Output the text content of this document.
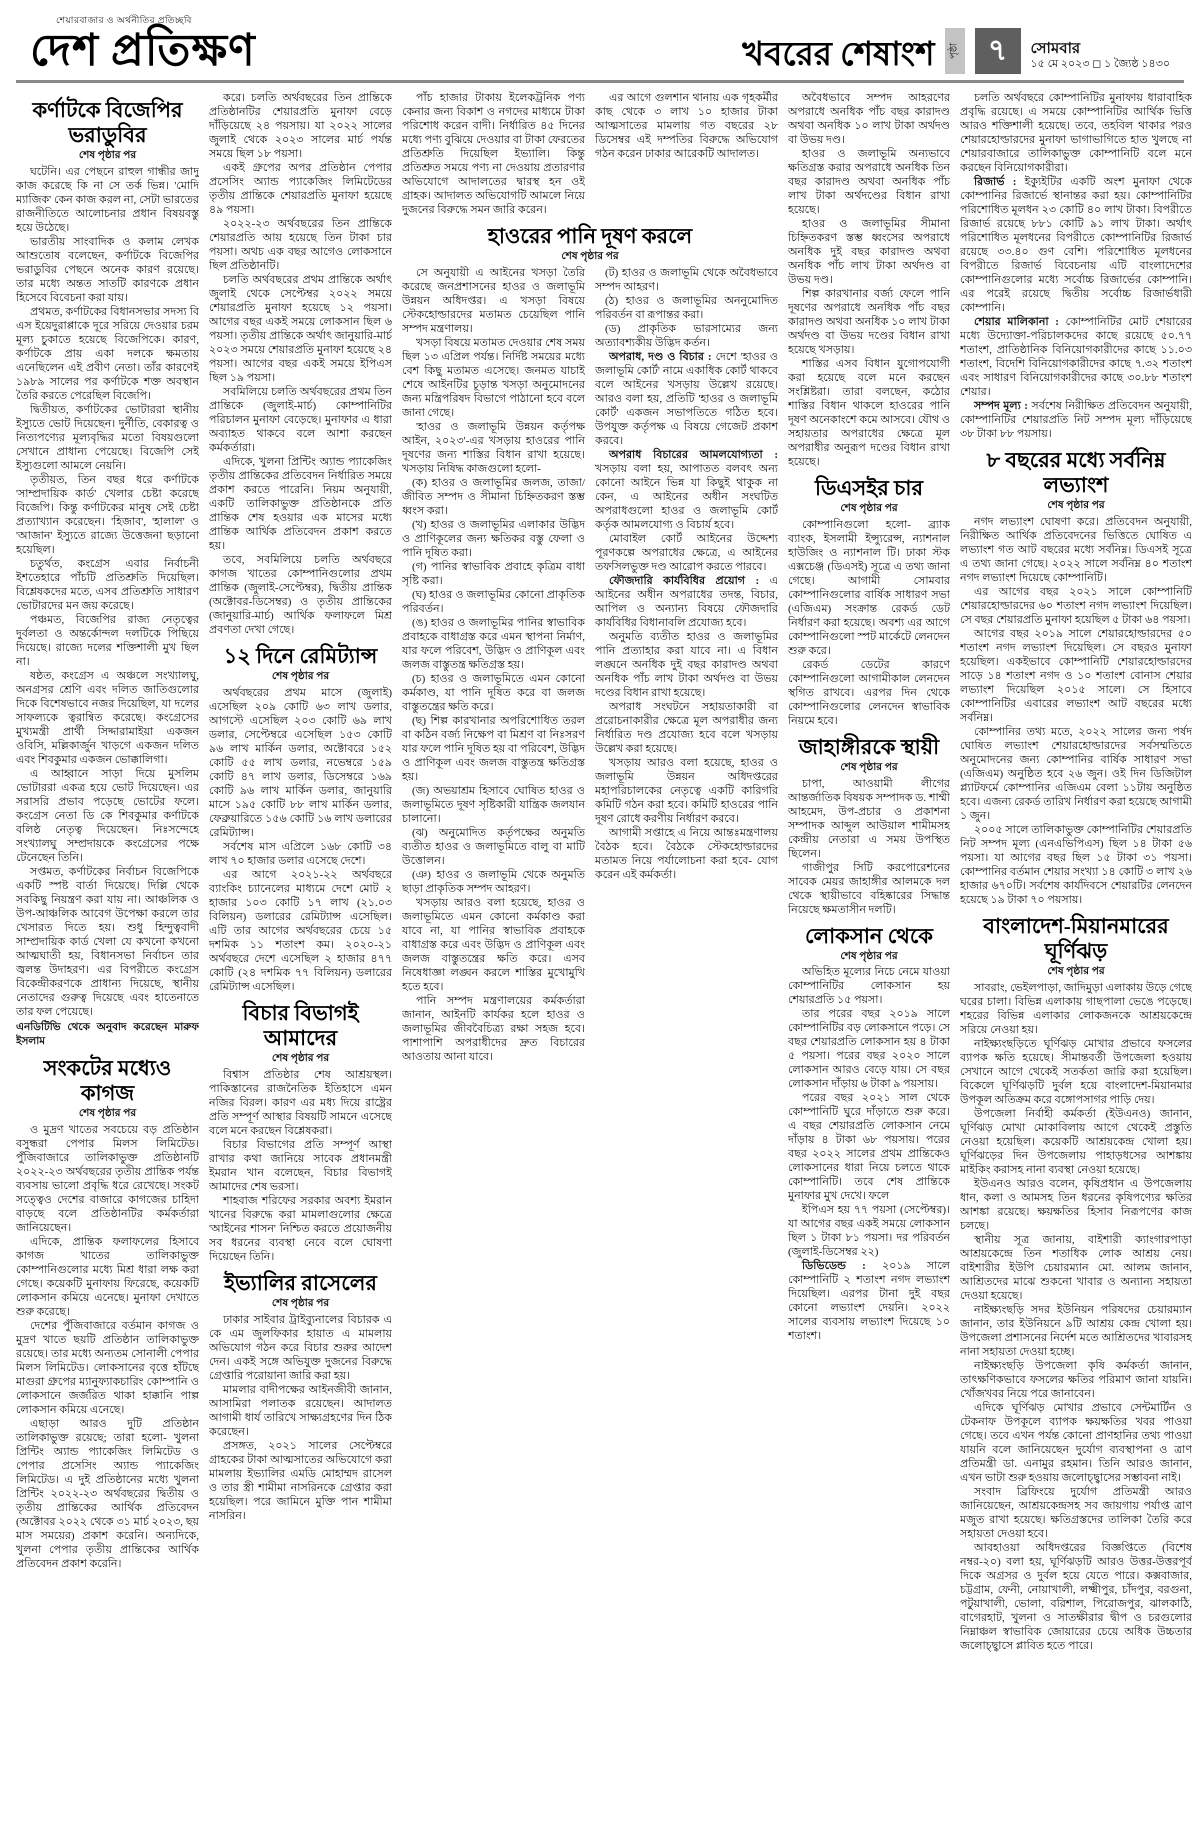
শেয়ারবাজার ও অর্থনীতির প্রতিচ্ছবি
দেশ প্রতিক্ষণ	খবরের শেষাংশ	পৃষ্ঠা ৭	সোমবার
১৫ মে ২০২৩ ◻ ১ জ্যৈষ্ঠ ১৪৩০
কর্ণাটকে বিজেপির ভরাডুবির
শেষ পৃষ্ঠার পর

ঘটেনি। এর পেছনে রাহুল গান্ধীর জাদু কাজ করেছে কি না সে তর্ক ভিন্ন। 'মোদি ম্যাজিক' কেন কাজ করল না, সেটা ভারতের রাজনীতিতে আলোচনার প্রধান বিষয়বস্তু হয়ে উঠেছে।

ভারতীয় সাংবাদিক ও কলাম লেখক আশুতোষ বলেছেন, কর্ণাটকে বিজেপির ভরাডুবির পেছনে অনেক কারণ রয়েছে। তার মধ্যে অন্তত সাতটি কারণকে প্রধান হিসেবে বিবেচনা করা যায়।

প্রথমত, কর্ণাটকের বিধানসভার সদস্য বি এস ইয়েদুরাপ্পাকে দূরে সরিয়ে দেওয়ার চরম মূল্য চুকাতে হয়েছে বিজেপিকে। কারণ, কর্ণাটকে প্রায় একা দলকে ক্ষমতায় এনেছিলেন এই প্রবীণ নেতা। তাঁর কারণেই ১৯৮৯ সালের পর কর্ণাটকে শক্ত অবস্থান তৈরি করতে পেরেছিল বিজেপি।

দ্বিতীয়ত, কর্ণাটকের ভোটাররা স্থানীয় ইস্যুতে ভোট দিয়েছেন। দুর্নীতি, বেকারত্ব ও নিত্যপণ্যের মূল্যবৃদ্ধির মতো বিষয়গুলো সেখানে প্রাধান্য পেয়েছে। বিজেপি সেই ইস্যুগুলো আমলে নেয়নি।

তৃতীয়ত, তিন বছর ধরে কর্ণাটকে 'সাম্প্রদায়িক কার্ড' খেলার চেষ্টা করেছে বিজেপি। কিন্তু কর্ণাটকের মানুষ সেই চেষ্টা প্রত্যাখ্যান করেছেন। 'হিজাব', 'হালাল' ও 'আজান' ইস্যুতে রাজ্যে উত্তেজনা ছড়ানো হয়েছিল।

চতুর্থত, কংগ্রেস এবার নির্বাচনী ইশতেহারে পাঁচটি প্রতিশ্রুতি দিয়েছিল। বিশ্লেষকদের মতে, এসব প্রতিশ্রুতি সাধারণ ভোটারদের মন জয় করেছে।

পঞ্চমত, বিজেপির রাজ্য নেতৃত্বের দুর্বলতা ও অন্তর্কোন্দল দলটিকে পিছিয়ে দিয়েছে। রাজ্যে দলের শক্তিশালী মুখ ছিল না।

ষষ্ঠত, কংগ্রেস এ অঞ্চলে সংখ্যালঘু, অনগ্রসর শ্রেণি এবং দলিত জাতিগুলোর দিকে বিশেষভাবে নজর দিয়েছিল, যা দলের সাফল্যকে ত্বরান্বিত করেছে। কংগ্রেসের মুখ্যমন্ত্রী প্রার্থী সিদ্দারামাইয়া একজন ওবিসি, মল্লিকার্জুন খাড়গে একজন দলিত এবং শিবকুমার একজন ভোক্কালিগা।

এ আহ্বানে সাড়া দিয়ে মুসলিম ভোটাররা একত্র হয়ে ভোট দিয়েছেন। এর সরাসরি প্রভাব পড়েছে ভোটের ফলে। কংগ্রেস নেতা ডি কে শিবকুমার কর্ণাটকে বলিষ্ঠ নেতৃত্ব দিয়েছেন। নিঃসন্দেহে সংখ্যালঘু সম্প্রদায়কে কংগ্রেসের পক্ষে টেনেছেন তিনি।

সপ্তমত, কর্ণাটকের নির্বাচন বিজেপিকে একটি স্পষ্ট বার্তা দিয়েছে। দিল্লি থেকে সবকিছু নিয়ন্ত্রণ করা যায় না। আঞ্চলিক ও উপ-আঞ্চলিক আবেগ উপেক্ষা করলে তার খেসারত দিতে হয়। শুধু হিন্দুত্ববাদী সাম্প্রদায়িক কার্ড খেলা যে কখনো কখনো আত্মঘাতী হয়, বিধানসভা নির্বাচন তার জ্বলন্ত উদাহরণ। এর বিপরীতে কংগ্রেস বিকেন্দ্রীকরণকে প্রাধান্য দিয়েছে, স্থানীয় নেতাদের গুরুত্ব দিয়েছে এবং হাতেনাতে তার ফল পেয়েছে।

এনডিটিভি থেকে অনুবাদ করেছেন মারুফ ইসলাম

সংকটের মধ্যেও কাগজ
শেষ পৃষ্ঠার পর

ও মুদ্রণ খাতের সবচেয়ে বড় প্রতিষ্ঠান বসুন্ধরা পেপার মিলস লিমিটেড। পুঁজিবাজারে তালিকাভুক্ত প্রতিষ্ঠানটি ২০২২-২৩ অর্থবছরের তৃতীয় প্রান্তিক পর্যন্ত ব্যবসায় ভালো প্রবৃদ্ধি ধরে রেখেছে। সংকট সত্ত্বেও দেশের বাজারে কাগজের চাহিদা বাড়ছে বলে প্রতিষ্ঠানটির কর্মকর্তারা জানিয়েছেন।

এদিকে, প্রান্তিক ফলাফলের হিসাবে কাগজ খাতের তালিকাভুক্ত কোম্পানিগুলোর মধ্যে মিশ্র ধারা লক্ষ করা গেছে। কয়েকটি মুনাফায় ফিরেছে, কয়েকটি লোকসান কমিয়ে এনেছে। মুনাফা দেখাতে শুরু করেছে।

দেশের পুঁজিবাজারে বর্তমান কাগজ ও মুদ্রণ খাতে ছয়টি প্রতিষ্ঠান তালিকাভুক্ত রয়েছে। তার মধ্যে অন্যতম সোনালী পেপার মিলস লিমিটেড। লোকসানের বৃত্তে হাঁটছে মাগুরা গ্রুপের ম্যানুফ্যাকচারিং কোম্পানি ও লোকসানে জর্জরিত থাকা হাক্কানি পাল্প লোকসান কমিয়ে এনেছে।

এছাড়া আরও দুটি প্রতিষ্ঠান তালিকাভুক্ত রয়েছে; তারা হলো- খুলনা প্রিন্টিং অ্যান্ড প্যাকেজিং লিমিটেড ও পেপার প্রসেসিং অ্যান্ড প্যাকেজিং লিমিটেড। এ দুই প্রতিষ্ঠানের মধ্যে খুলনা প্রিন্টিং ২০২২-২৩ অর্থবছরের দ্বিতীয় ও তৃতীয় প্রান্তিকের আর্থিক প্রতিবেদন (অক্টোবর ২০২২ থেকে ৩১ মার্চ ২০২৩, ছয় মাস সময়ের) প্রকাশ করেনি। অন্যদিকে, খুলনা পেপার তৃতীয় প্রান্তিকের আর্থিক প্রতিবেদন প্রকাশ করেনি।

করে। চলতি অর্থবছরের তিন প্রান্তিকে প্রতিষ্ঠানটির শেয়ারপ্রতি মুনাফা বেড়ে দাঁড়িয়েছে ২৪ পয়সায়। যা ২০২২ সালের জুলাই থেকে ২০২৩ সালের মার্চ পর্যন্ত সময়ে ছিল ১৮ পয়সা।

একই গ্রুপের অপর প্রতিষ্ঠান পেপার প্রসেসিং অ্যান্ড প্যাকেজিং লিমিটেডের তৃতীয় প্রান্তিকে শেয়ারপ্রতি মুনাফা হয়েছে ৪৯ পয়সা।

২০২২-২৩ অর্থবছরের তিন প্রান্তিকে শেয়ারপ্রতি আয় হয়েছে তিন টাকা চার পয়সা। অথচ এক বছর আগেও লোকসানে ছিল প্রতিষ্ঠানটি।

চলতি অর্থবছরের প্রথম প্রান্তিকে অর্থাৎ জুলাই থেকে সেপ্টেম্বর ২০২২ সময়ে শেয়ারপ্রতি মুনাফা হয়েছে ১২ পয়সা। আগের বছর একই সময়ে লোকসান ছিল ৬ পয়সা। তৃতীয় প্রান্তিকে অর্থাৎ জানুয়ারি-মার্চ ২০২৩ সময়ে শেয়ারপ্রতি মুনাফা হয়েছে ২৪ পয়সা। আগের বছর একই সময়ে ইপিএস ছিল ১৯ পয়সা।

সবমিলিয়ে চলতি অর্থবছরের প্রথম তিন প্রান্তিকে (জুলাই-মার্চ) কোম্পানিটির পরিচালন মুনাফা বেড়েছে। মুনাফার এ ধারা অব্যাহত থাকবে বলে আশা করছেন কর্মকর্তারা।

এদিকে, খুলনা প্রিন্টিং অ্যান্ড প্যাকেজিং তৃতীয় প্রান্তিকের প্রতিবেদন নির্ধারিত সময়ে প্রকাশ করতে পারেনি। নিয়ম অনুযায়ী, একটি তালিকাভুক্ত প্রতিষ্ঠানকে প্রতি প্রান্তিক শেষ হওয়ার এক মাসের মধ্যে প্রান্তিক আর্থিক প্রতিবেদন প্রকাশ করতে হয়।

তবে, সবমিলিয়ে চলতি অর্থবছরে কাগজ খাতের কোম্পানিগুলোর প্রথম প্রান্তিক (জুলাই-সেপ্টেম্বর), দ্বিতীয় প্রান্তিক (অক্টোবর-ডিসেম্বর) ও তৃতীয় প্রান্তিকের (জানুয়ারি-মার্চ) আর্থিক ফলাফলে মিশ্র প্রবণতা দেখা গেছে।

১২ দিনে রেমিট্যান্স
শেষ পৃষ্ঠার পর

অর্থবছরের প্রথম মাসে (জুলাই) এসেছিল ২০৯ কোটি ৬৩ লাখ ডলার, আগস্টে এসেছিল ২০৩ কোটি ৬৯ লাখ ডলার, সেপ্টেম্বরে এসেছিল ১৫৩ কোটি ৯৬ লাখ মার্কিন ডলার, অক্টোবরে ১৫২ কোটি ৫৫ লাখ ডলার, নভেম্বরে ১৫৯ কোটি ৪৭ লাখ ডলার, ডিসেম্বরে ১৬৯ কোটি ৯৬ লাখ মার্কিন ডলার, জানুয়ারি মাসে ১৯৫ কোটি ৮৮ লাখ মার্কিন ডলার, ফেব্রুয়ারিতে ১৫৬ কোটি ১৬ লাখ ডলারের রেমিট্যান্স।

সর্বশেষ মাস এপ্রিলে ১৬৮ কোটি ৩৪ লাখ ৭০ হাজার ডলার এসেছে দেশে।

এর আগে ২০২১-২২ অর্থবছরে ব্যাংকিং চ্যানেলের মাধ্যমে দেশে মোট ২ হাজার ১০৩ কোটি ১৭ লাখ (২১.০৩ বিলিয়ন) ডলারের রেমিট্যান্স এসেছিল। এটি তার আগের অর্থবছরের চেয়ে ১৫ দশমিক ১১ শতাংশ কম। ২০২০-২১ অর্থবছরে দেশে এসেছিল ২ হাজার ৪৭৭ কোটি (২৪ দশমিক ৭৭ বিলিয়ন) ডলারের রেমিট্যান্স এসেছিল।

বিচার বিভাগই আমাদের
শেষ পৃষ্ঠার পর

বিশ্বাস প্রতিষ্ঠার শেষ আশ্রয়স্থল। পাকিস্তানের রাজনৈতিক ইতিহাসে এমন নজির বিরল। কারণ এর মধ্য দিয়ে রাষ্ট্রের প্রতি সম্পূর্ণ আস্থার বিষয়টি সামনে এসেছে বলে মনে করছেন বিশ্লেষকরা।

বিচার বিভাগের প্রতি সম্পূর্ণ আস্থা রাখার কথা জানিয়ে সাবেক প্রধানমন্ত্রী ইমরান খান বলেছেন, বিচার বিভাগই আমাদের শেষ ভরসা।

শাহবাজ শরিফের সরকার অবশ্য ইমরান খানের বিরুদ্ধে করা মামলাগুলোর ক্ষেত্রে 'আইনের শাসন' নিশ্চিত করতে প্রয়োজনীয় সব ধরনের ব্যবস্থা নেবে বলে ঘোষণা দিয়েছেন তিনি।

ইভ্যালির রাসেলের
শেষ পৃষ্ঠার পর

ঢাকার সাইবার ট্রাইব্যুনালের বিচারক এ কে এম জুলফিকার হায়াত এ মামলায় অভিযোগ গঠন করে বিচার শুরুর আদেশ দেন। একই সঙ্গে অভিযুক্ত দুজনের বিরুদ্ধে গ্রেপ্তারি পরোয়ানা জারি করা হয়।

মামলার বাদীপক্ষের আইনজীবী জানান, আসামিরা পলাতক রয়েছেন। আদালত আগামী ধার্য তারিখে সাক্ষ্যগ্রহণের দিন ঠিক করেছেন।

প্রসঙ্গত, ২০২১ সালের সেপ্টেম্বরে গ্রাহকের টাকা আত্মসাতের অভিযোগে করা মামলায় ইভ্যালির এমডি মোহাম্মদ রাসেল ও তার স্ত্রী শামীমা নাসরিনকে গ্রেপ্তার করা হয়েছিল। পরে জামিনে মুক্তি পান শামীমা নাসরিন।

পাঁচ হাজার টাকায় ইলেকট্রনিক পণ্য কেনার জন্য বিকাশ ও নগদের মাধ্যমে টাকা পরিশোধ করেন বাদী। নির্ধারিত ৪৫ দিনের মধ্যে পণ্য বুঝিয়ে দেওয়ার বা টাকা ফেরতের প্রতিশ্রুতি দিয়েছিল ইভ্যালি। কিন্তু প্রতিশ্রুত সময়ে পণ্য না দেওয়ায় প্রতারণার অভিযোগে আদালতের দ্বারস্থ হন ওই গ্রাহক। আদালত অভিযোগটি আমলে নিয়ে দুজনের বিরুদ্ধে সমন জারি করেন।

এর আগে গুলশান থানায় এক গৃহকর্মীর কাছ থেকে ৩ লাখ ১০ হাজার টাকা আত্মসাতের মামলায় গত বছরের ২৮ ডিসেম্বর এই দম্পতির বিরুদ্ধে অভিযোগ গঠন করেন ঢাকার আরেকটি আদালত।

হাওরের পানি দূষণ করলে
শেষ পৃষ্ঠার পর

সে অনুযায়ী এ আইনের খসড়া তৈরি করেছে জনপ্রশাসনের হাওর ও জলাভূমি উন্নয়ন অধিদপ্তর। এ খসড়া বিষয়ে স্টেকহোল্ডারদের মতামত চেয়েছিল পানি সম্পদ মন্ত্রণালয়।

খসড়া বিষয়ে মতামত দেওয়ার শেষ সময় ছিল ১৩ এপ্রিল পর্যন্ত। নির্দিষ্ট সময়ের মধ্যে বেশ কিছু মতামত এসেছে। জনমত যাচাই শেষে আইনটির চূড়ান্ত খসড়া অনুমোদনের জন্য মন্ত্রিপরিষদ বিভাগে পাঠানো হবে বলে জানা গেছে।

'হাওর ও জলাভূমি উন্নয়ন কর্তৃপক্ষ আইন, ২০২৩'-এর খসড়ায় হাওরের পানি দূষণের জন্য শাস্তির বিধান রাখা হয়েছে। খসড়ায় নিষিদ্ধ কাজগুলো হলো-

(ক) হাওর ও জলাভূমির জলজ, তাজা/জীবিত সম্পদ ও সীমানা চিহ্নিতকরণ স্তম্ভ ধ্বংস করা।

(খ) হাওর ও জলাভূমির এলাকার উদ্ভিদ ও প্রাণিকূলের জন্য ক্ষতিকর বস্তু ফেলা ও পানি দূষিত করা।

(গ) পানির স্বাভাবিক প্রবাহে কৃত্রিম বাধা সৃষ্টি করা।

(ঘ) হাওর ও জলাভূমির কোনো প্রাকৃতিক পরিবর্তন।

(ঙ) হাওর ও জলাভূমির পানির স্বাভাবিক প্রবাহকে বাধাগ্রস্ত করে এমন স্থাপনা নির্মাণ, যার ফলে পরিবেশ, উদ্ভিদ ও প্রাণিকূল এবং জলজ বাস্তুতন্ত্র ক্ষতিগ্রস্ত হয়।

(চ) হাওর ও জলাভূমিতে এমন কোনো কর্মকাণ্ড, যা পানি দূষিত করে বা জলজ বাস্তুতন্ত্রের ক্ষতি করে।

(ছ) শিল্প কারখানার অপরিশোধিত তরল বা কঠিন বর্জ্য নিক্ষেপ বা মিশ্রণ বা নিঃসরণ যার ফলে পানি দূষিত হয় বা পরিবেশ, উদ্ভিদ ও প্রাণিকূল এবং জলজ বাস্তুতন্ত্র ক্ষতিগ্রস্ত হয়।

(জ) অভয়াশ্রম হিসাবে ঘোষিত হাওর ও জলাভূমিতে দূষণ সৃষ্টিকারী যান্ত্রিক জলযান চালানো।

(ঝ) অনুমোদিত কর্তৃপক্ষের অনুমতি ব্যতীত হাওর ও জলাভূমিতে বালু বা মাটি উত্তোলন।

(ঞ) হাওর ও জলাভূমি থেকে অনুমতি ছাড়া প্রাকৃতিক সম্পদ আহরণ।

খসড়ায় আরও বলা হয়েছে, হাওর ও জলাভূমিতে এমন কোনো কর্মকাণ্ড করা যাবে না, যা পানির স্বাভাবিক প্রবাহকে বাধাগ্রস্ত করে এবং উদ্ভিদ ও প্রাণিকূল এবং জলজ বাস্তুতন্ত্রের ক্ষতি করে। এসব নিষেধাজ্ঞা লঙ্ঘন করলে শাস্তির মুখোমুখি হতে হবে।

পানি সম্পদ মন্ত্রণালয়ের কর্মকর্তারা জানান, আইনটি কার্যকর হলে হাওর ও জলাভূমির জীববৈচিত্র্য রক্ষা সহজ হবে। পাশাপাশি অপরাধীদের দ্রুত বিচারের আওতায় আনা যাবে।

(ট) হাওর ও জলাভূমি থেকে অবৈধভাবে সম্পদ আহরণ।

(ঠ) হাওর ও জলাভূমির অননুমোদিত পরিবর্তন বা রূপান্তর করা।

(ড) প্রাকৃতিক ভারসাম্যের জন্য অত্যাবশ্যকীয় উদ্ভিদ কর্তন।

অপরাধ, দণ্ড ও বিচার : দেশে 'হাওর ও জলাভূমি কোর্ট' নামে একাধিক কোর্ট থাকবে বলে আইনের খসড়ায় উল্লেখ রয়েছে। আরও বলা হয়, প্রতিটি 'হাওর ও জলাভূমি কোর্ট' একজন সভাপতিতে গঠিত হবে। উপযুক্ত কর্তৃপক্ষ এ বিষয়ে গেজেট প্রকাশ করবে।

অপরাধ বিচারের আমলযোগ্যতা : খসড়ায় বলা হয়, আপাতত বলবৎ অন্য কোনো আইনে ভিন্ন যা কিছুই থাকুক না কেন, এ আইনের অধীন সংঘটিত অপরাধগুলো হাওর ও জলাভূমি কোর্ট কর্তৃক আমলযোগ্য ও বিচার্য হবে।

মোবাইল কোর্ট আইনের উদ্দেশ্য পূরণকল্পে অপরাধের ক্ষেত্রে, এ আইনের তফসিলভুক্ত দণ্ড আরোপ করতে পারবে।

ফৌজদারি কার্যবিধির প্রয়োগ : এ আইনের অধীন অপরাধের তদন্ত, বিচার, আপিল ও অন্যান্য বিষয়ে ফৌজদারি কার্যবিধির বিধানাবলি প্রযোজ্য হবে।

অনুমতি ব্যতীত হাওর ও জলাভূমির পানি প্রত্যাহার করা যাবে না। এ বিধান লঙ্ঘনে অনধিক দুই বছর কারাদণ্ড অথবা অনধিক পাঁচ লাখ টাকা অর্থদণ্ড বা উভয় দণ্ডের বিধান রাখা হয়েছে।

অপরাধ সংঘটনে সহায়তাকারী বা প্ররোচনাকারীর ক্ষেত্রে মূল অপরাধীর জন্য নির্ধারিত দণ্ড প্রযোজ্য হবে বলে খসড়ায় উল্লেখ করা হয়েছে।

খসড়ায় আরও বলা হয়েছে, হাওর ও জলাভূমি উন্নয়ন অধিদপ্তরের মহাপরিচালকের নেতৃত্বে একটি কারিগরি কমিটি গঠন করা হবে। কমিটি হাওরের পানি দূষণ রোধে করণীয় নির্ধারণ করবে।

আগামী সপ্তাহে এ নিয়ে আন্তঃমন্ত্রণালয় বৈঠক হবে। বৈঠকে স্টেকহোল্ডারদের মতামত নিয়ে পর্যালোচনা করা হবে- যোগ করেন এই কর্মকর্তা।

অবৈধভাবে সম্পদ আহরণের অপরাধে অনধিক পাঁচ বছর কারাদণ্ড অথবা অনধিক ১০ লাখ টাকা অর্থদণ্ড বা উভয় দণ্ড।

হাওর ও জলাভূমি অন্যভাবে ক্ষতিগ্রস্ত করার অপরাধে অনধিক তিন বছর কারাদণ্ড অথবা অনধিক পাঁচ লাখ টাকা অর্থদণ্ডের বিধান রাখা হয়েছে।

হাওর ও জলাভূমির সীমানা চিহ্নিতকরণ স্তম্ভ ধ্বংসের অপরাধে অনধিক দুই বছর কারাদণ্ড অথবা অনধিক পাঁচ লাখ টাকা অর্থদণ্ড বা উভয় দণ্ড।

শিল্প কারখানার বর্জ্য ফেলে পানি দূষণের অপরাধে অনধিক পাঁচ বছর কারাদণ্ড অথবা অনধিক ১০ লাখ টাকা অর্থদণ্ড বা উভয় দণ্ডের বিধান রাখা হয়েছে খসড়ায়।

শাস্তির এসব বিধান যুগোপযোগী করা হয়েছে বলে মনে করছেন সংশ্লিষ্টরা। তারা বলছেন, কঠোর শাস্তির বিধান থাকলে হাওরের পানি দূষণ অনেকাংশে কমে আসবে। যৌথ ও সহায়তার অপরাধের ক্ষেত্রে মূল অপরাধীর অনুরূপ দণ্ডের বিধান রাখা হয়েছে।

ডিএসইর চার
শেষ পৃষ্ঠার পর

কোম্পানিগুলো হলো- ব্র্যাক ব্যাংক, ইসলামী ইন্স্যুরেন্স, ন্যাশনাল হাউজিং ও ন্যাশনাল টি। ঢাকা স্টক এক্সচেঞ্জ (ডিএসই) সূত্রে এ তথ্য জানা গেছে। আগামী সোমবার কোম্পানিগুলোর বার্ষিক সাধারণ সভা (এজিএম) সংক্রান্ত রেকর্ড ডেট নির্ধারণ করা হয়েছে। অবশ্য এর আগে কোম্পানিগুলো স্পট মার্কেটে লেনদেন শুরু করে।

রেকর্ড ডেটের কারণে কোম্পানিগুলো আগামীকাল লেনদেন স্থগিত রাখবে। এরপর দিন থেকে কোম্পানিগুলোর লেনদেন স্বাভাবিক নিয়মে হবে।

জাহাঙ্গীরকে স্থায়ী
শেষ পৃষ্ঠার পর

চাপা, আওয়ামী লীগের আন্তর্জাতিক বিষয়ক সম্পাদক ড. শাম্মী আহমেদ, উপ-প্রচার ও প্রকাশনা সম্পাদক আব্দুল আউয়াল শামীমসহ কেন্দ্রীয় নেতারা এ সময় উপস্থিত ছিলেন।

গাজীপুর সিটি করপোরেশনের সাবেক মেয়র জাহাঙ্গীর আলমকে দল থেকে স্থায়ীভাবে বহিষ্কারের সিদ্ধান্ত নিয়েছে ক্ষমতাসীন দলটি।

লোকসান থেকে
শেষ পৃষ্ঠার পর

অভিহিত মূল্যের নিচে নেমে যাওয়া কোম্পানিটির লোকসান হয় শেয়ারপ্রতি ১৫ পয়সা।

তার পরের বছর ২০১৯ সালে কোম্পানিটির বড় লোকসানে পড়ে। সে বছর শেয়ারপ্রতি লোকসান হয় ৪ টাকা ৫ পয়সা। পরের বছর ২০২০ সালে লোকসান আরও বেড়ে যায়। সে বছর লোকসান দাঁড়ায় ৬ টাকা ৯ পয়সায়।

পরের বছর ২০২১ সাল থেকে কোম্পানিটি ঘুরে দাঁড়াতে শুরু করে। এ বছর শেয়ারপ্রতি লোকসান নেমে দাঁড়ায় ৪ টাকা ৬৮ পয়সায়। পরের বছর ২০২২ সালের প্রথম প্রান্তিকেও লোকসানের ধারা নিয়ে চলতে থাকে কোম্পানিটি। তবে শেষ প্রান্তিকে মুনাফার মুখ দেখে। ফলে

ইপিএস হয় ৭৭ পয়সা (সেপ্টেম্বর)। যা আগের বছর একই সময়ে লোকসান ছিল ১ টাকা ৮১ পয়সা। দর পরিবর্তন (জুলাই-ডিসেম্বর ২২)

ডিভিডেন্ড : ২০১৯ সালে কোম্পানিটি ২ শতাংশ নগদ লভ্যাংশ দিয়েছিল। এরপর টানা দুই বছর কোনো লভ্যাংশ দেয়নি। ২০২২ সালের ব্যবসায় লভ্যাংশ দিয়েছে ১০ শতাংশ।

চলতি অর্থবছরে কোম্পানিটির মুনাফায় ধারাবাহিক প্রবৃদ্ধি রয়েছে। এ সময়ে কোম্পানিটির আর্থিক ভিত্তি আরও শক্তিশালী হয়েছে। তবে, তহবিল থাকার পরও শেয়ারহোল্ডারদের মুনাফা ভাগাভাগিতে হাত খুলছে না শেয়ারবাজারে তালিকাভুক্ত কোম্পানিটি বলে মনে করছেন বিনিয়োগকারীরা।

রিজার্ভ : ইক্যুইটির একটি অংশ মুনাফা থেকে কোম্পানির রিজার্ভে স্থানান্তর করা হয়। কোম্পানিটির পরিশোধিত মূলধন ২৩ কোটি ৪০ লাখ টাকা। বিপরীতে রিজার্ভ রয়েছে ৮৮১ কোটি ৯১ লাখ টাকা। অর্থাৎ পরিশোধিত মূলধনের বিপরীতে কোম্পানিটির রিজার্ভ রয়েছে ৩৩.৪০ গুণ বেশি। পরিশোধিত মূলধনের বিপরীতে রিজার্ভ বিবেচনায় এটি বাংলাদেশের কোম্পানিগুলোর মধ্যে সর্বোচ্চ রিজার্ভের কোম্পানি। এর পরেই রয়েছে দ্বিতীয় সর্বোচ্চ রিজার্ভধারী কোম্পানি।

শেয়ার মালিকানা : কোম্পানিটির মোট শেয়ারের মধ্যে উদ্যোক্তা-পরিচালকদের কাছে রয়েছে ৫০.৭৭ শতাংশ, প্রাতিষ্ঠানিক বিনিয়োগকারীদের কাছে ১১.০৩ শতাংশ, বিদেশি বিনিয়োগকারীদের কাছে ৭.৩২ শতাংশ এবং সাধারণ বিনিয়োগকারীদের কাছে ৩০.৮৮ শতাংশ শেয়ার।

সম্পদ মূল্য : সর্বশেষ নিরীক্ষিত প্রতিবেদন অনুযায়ী, কোম্পানিটির শেয়ারপ্রতি নিট সম্পদ মূল্য দাঁড়িয়েছে ৩৮ টাকা ৮৮ পয়সায়।

৮ বছরের মধ্যে সর্বনিম্ন লভ্যাংশ
শেষ পৃষ্ঠার পর

নগদ লভ্যাংশ ঘোষণা করে। প্রতিবেদন অনুযায়ী, নিরীক্ষিত আর্থিক প্রতিবেদনের ভিত্তিতে ঘোষিত এ লভ্যাংশ গত আট বছরের মধ্যে সর্বনিম্ন। ডিএসই সূত্রে এ তথ্য জানা গেছে। ২০২২ সালে সর্বনিম্ন ৪০ শতাংশ নগদ লভ্যাংশ দিয়েছে কোম্পানিটি।

এর আগের বছর ২০২১ সালে কোম্পানিটি শেয়ারহোল্ডারদের ৬০ শতাংশ নগদ লভ্যাংশ দিয়েছিল। সে বছর শেয়ারপ্রতি মুনাফা হয়েছিল ৫ টাকা ৬৪ পয়সা।

আগের বছর ২০১৯ সালে শেয়ারহোল্ডারদের ৫০ শতাংশ নগদ লভ্যাংশ দিয়েছিল। সে বছরও মুনাফা হয়েছিল। একইভাবে কোম্পানিটি শেয়ারহোল্ডারদের সাড়ে ১৪ শতাংশ নগদ ও ১০ শতাংশ বোনাস শেয়ার লভ্যাংশ দিয়েছিল ২০১৫ সালে। সে হিসাবে কোম্পানিটির এবারের লভ্যাংশ আট বছরের মধ্যে সর্বনিম্ন।

কোম্পানির তথ্য মতে, ২০২২ সালের জন্য পর্ষদ ঘোষিত লভ্যাংশ শেয়ারহোল্ডারদের সর্বসম্মতিতে অনুমোদনের জন্য কোম্পানির বার্ষিক সাধারণ সভা (এজিএম) অনুষ্ঠিত হবে ২৬ জুন। ওই দিন ডিজিটাল প্ল্যাটফর্মে কোম্পানির এজিএম বেলা ১১টায় অনুষ্ঠিত হবে। এজন্য রেকর্ড তারিখ নির্ধারণ করা হয়েছে আগামী ১ জুন।

২০০৫ সালে তালিকাভুক্ত কোম্পানিটির শেয়ারপ্রতি নিট সম্পদ মূল্য (এনএভিপিএস) ছিল ১৪ টাকা ৫৬ পয়সা। যা আগের বছর ছিল ১৫ টাকা ৩১ পয়সা। কোম্পানির বর্তমান শেয়ার সংখ্যা ১৪ কোটি ৩ লাখ ২৬ হাজার ৬৭০টি। সর্বশেষ কার্যদিবসে শেয়ারটির লেনদেন হয়েছে ১৯ টাকা ৭০ পয়সায়।

বাংলাদেশ-মিয়ানমারের ঘূর্ণিঝড়
শেষ পৃষ্ঠার পর

সাবরাং, ভেইলপাড়া, জাদিমুড়া এলাকায় উড়ে গেছে ঘরের চালা। বিভিন্ন এলাকায় গাছপালা ভেঙে পড়েছে। শহরের বিভিন্ন এলাকার লোকজনকে আশ্রয়কেন্দ্রে সরিয়ে নেওয়া হয়।

নাইক্ষ্যংছড়িতে ঘূর্ণিঝড় মোখার প্রভাবে ফসলের ব্যাপক ক্ষতি হয়েছে। সীমান্তবর্তী উপজেলা হওয়ায় সেখানে আগে থেকেই সতর্কতা জারি করা হয়েছিল। বিকেলে ঘূর্ণিঝড়টি দুর্বল হয়ে বাংলাদেশ-মিয়ানমার উপকূল অতিক্রম করে বঙ্গোপসাগর পাড়ি দেয়।

উপজেলা নির্বাহী কর্মকর্তা (ইউএনও) জানান, ঘূর্ণিঝড় মোখা মোকাবিলায় আগে থেকেই প্রস্তুতি নেওয়া হয়েছিল। কয়েকটি আশ্রয়কেন্দ্র খোলা হয়। ঘূর্ণিঝড়ের দিন উপজেলায় পাহাড়ধসের আশঙ্কায় মাইকিং করাসহ নানা ব্যবস্থা নেওয়া হয়েছে।

ইউএনও আরও বলেন, কৃষিপ্রধান এ উপজেলায় ধান, কলা ও আমসহ তিন ধরনের কৃষিপণ্যের ক্ষতির আশঙ্কা রয়েছে। ক্ষয়ক্ষতির হিসাব নিরূপণের কাজ চলছে।

স্থানীয় সূত্র জানায়, বাইশারী ক্যাংগারপাড়া আশ্রয়কেন্দ্রে তিন শতাধিক লোক আশ্রয় নেয়। বাইশারীর ইউপি চেয়ারম্যান মো. আলম জানান, আশ্রিতদের মাঝে শুকনো খাবার ও অন্যান্য সহায়তা দেওয়া হয়েছে।

নাইক্ষ্যংছড়ি সদর ইউনিয়ন পরিষদের চেয়ারম্যান জানান, তার ইউনিয়নে ৯টি আশ্রয় কেন্দ্র খোলা হয়। উপজেলা প্রশাসনের নির্দেশ মতে আশ্রিতদের খাবারসহ নানা সহায়তা দেওয়া হচ্ছে।

নাইক্ষ্যংছড়ি উপজেলা কৃষি কর্মকর্তা জানান, তাৎক্ষণিকভাবে ফসলের ক্ষতির পরিমাণ জানা যায়নি। খোঁজখবর নিয়ে পরে জানাবেন।

এদিকে ঘূর্ণিঝড় মোখার প্রভাবে সেন্টমার্টিন ও টেকনাফ উপকূলে ব্যাপক ক্ষয়ক্ষতির খবর পাওয়া গেছে। তবে এখন পর্যন্ত কোনো প্রাণহানির তথ্য পাওয়া যায়নি বলে জানিয়েছেন দুর্যোগ ব্যবস্থাপনা ও ত্রাণ প্রতিমন্ত্রী ডা. এনামুর রহমান। তিনি আরও জানান, এখন ভাটা শুরু হওয়ায় জলোচ্ছ্বাসের সম্ভাবনা নাই।

সংবাদ ব্রিফিংয়ে দুর্যোগ প্রতিমন্ত্রী আরও জানিয়েছেন, আশ্রয়কেন্দ্রসহ সব জায়গায় পর্যাপ্ত ত্রাণ মজুত রাখা হয়েছে। ক্ষতিগ্রস্তদের তালিকা তৈরি করে সহায়তা দেওয়া হবে।

আবহাওয়া অধিদপ্তরের বিজ্ঞপ্তিতে (বিশেষ নম্বর-২০) বলা হয়, ঘূর্ণিঝড়টি আরও উত্তর-উত্তরপূর্ব দিকে অগ্রসর ও দুর্বল হয়ে যেতে পারে। কক্সবাজার, চট্টগ্রাম, ফেনী, নোয়াখালী, লক্ষ্মীপুর, চাঁদপুর, বরগুনা, পটুয়াখালী, ভোলা, বরিশাল, পিরোজপুর, ঝালকাঠি, বাগেরহাট, খুলনা ও সাতক্ষীরার দ্বীপ ও চরগুলোর নিম্নাঞ্চল স্বাভাবিক জোয়ারের চেয়ে অধিক উচ্চতার জলোচ্ছ্বাসে প্লাবিত হতে পারে।
